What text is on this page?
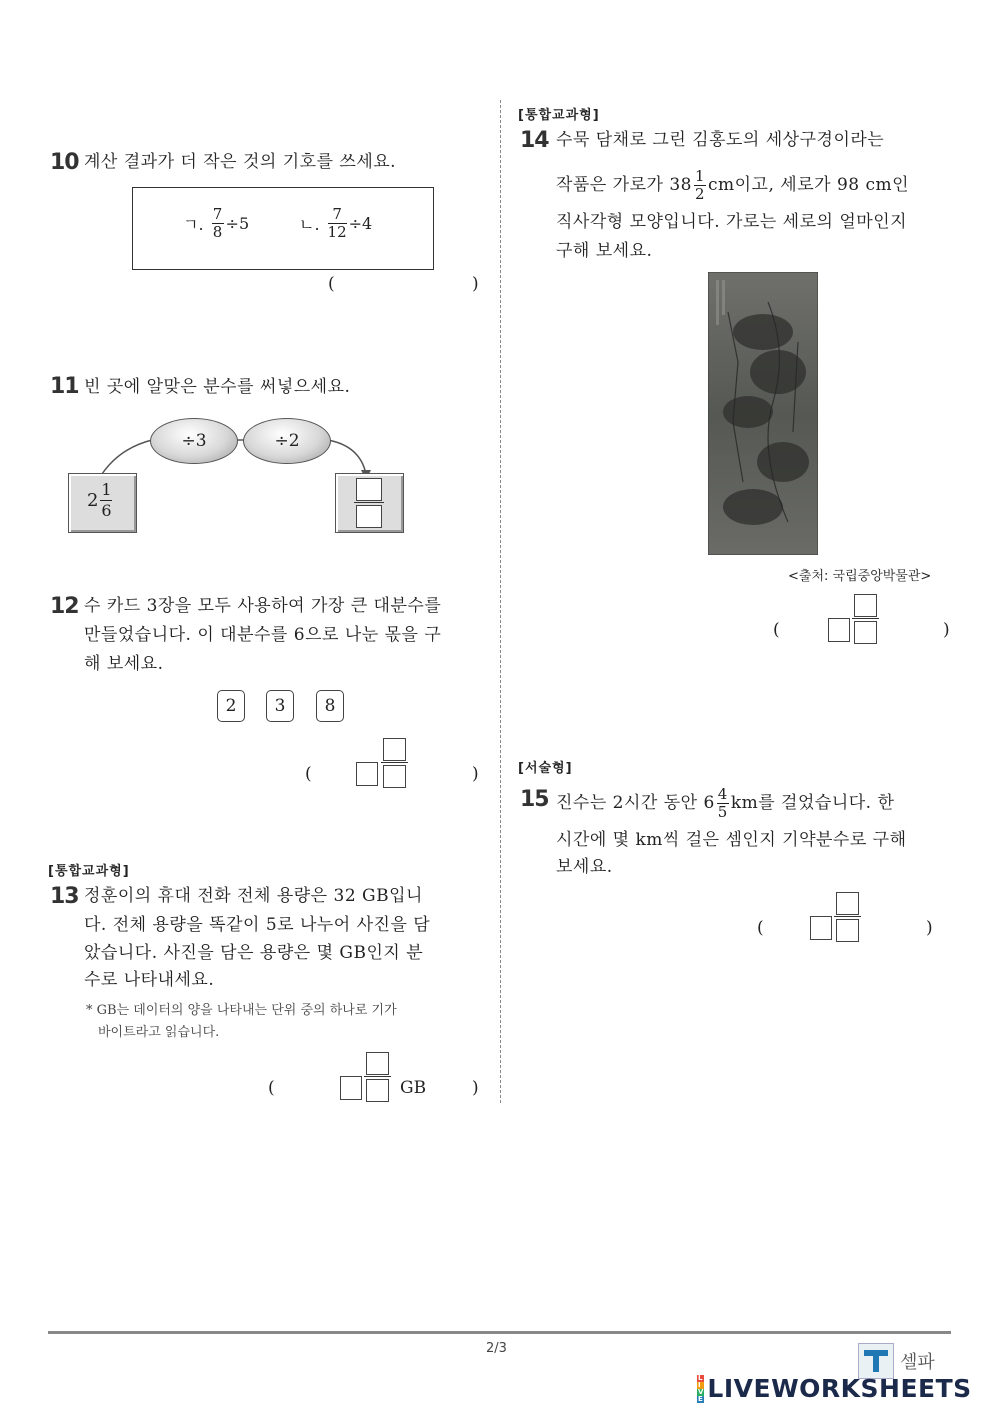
10 계산 결과가 더 작은 것의 기호를 쓰세요.
ㄱ. $\frac{7}{8} \div 5$	ㄴ. $\frac{7}{12} \div 4$
(	)
11 빈 곳에 알맞은 분수를 써넣으세요.
÷3	÷2
$2 \frac{1}{6}$
12 수 카드 3장을 모두 사용하여 가장 큰 대분수를
만들었습니다. 이 대분수를 6으로 나눈 몫을 구
해 보세요.
2	3	8
(	)
[통합교과형]
13 정훈이의 휴대 전화 전체 용량은 32 GB입니
다. 전체 용량을 똑같이 5로 나누어 사진을 담
았습니다. 사진을 담은 용량은 몇 GB인지 분
수로 나타내세요.
* GB는 데이터의 양을 나타내는 단위 중의 하나로 기가
바이트라고 읽습니다.
(	GB	)
[통합교과형]
14 수묵 담채로 그린 김홍도의 세상구경이라는
작품은 가로가 $38 \frac{1}{2}$ cm이고, 세로가 98 cm인
직사각형 모양입니다. 가로는 세로의 얼마인지
구해 보세요.
<출처: 국립중앙박물관>
(	)
[서술형]
15 진수는 2시간 동안 $6 \frac{4}{5}$ km를 걸었습니다. 한
시간에 몇 km씩 걸은 셈인지 기약분수로 구해
보세요.
(	)
2/3
셀파
L
I
V
E LIVEWORKSHEETS
